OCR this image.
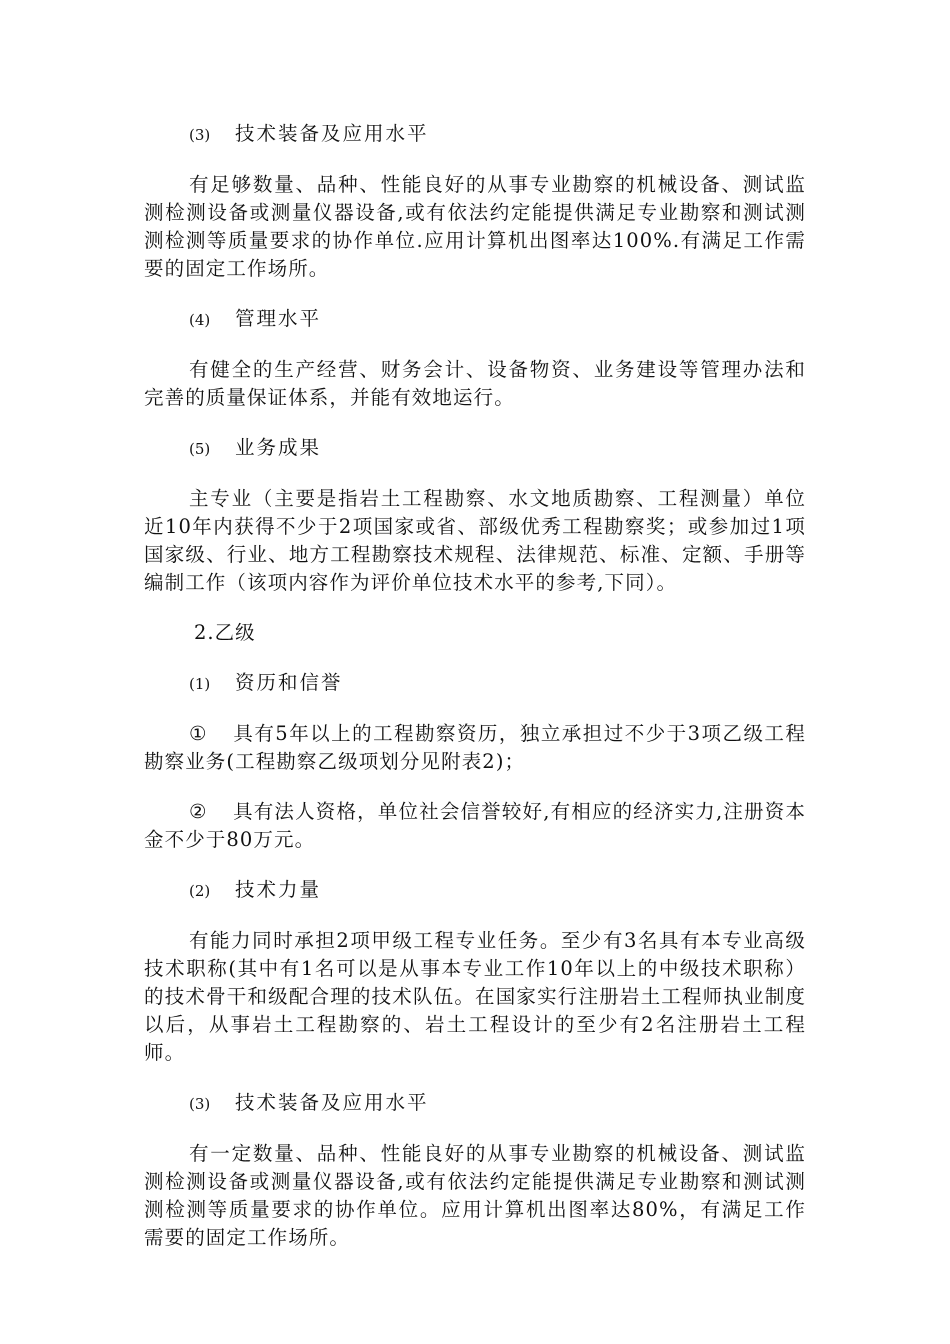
(3) 技术装备及应用水平

有足够数量、品种、性能良好的从事专业勘察的机械设备、测试监测检测设备或测量仪器设备,或有依法约定能提供满足专业勘察和测试测测检测等质量要求的协作单位.应用计算机出图率达100%.有满足工作需要的固定工作场所。

(4) 管理水平

有健全的生产经营、财务会计、设备物资、业务建设等管理办法和完善的质量保证体系，并能有效地运行。

(5) 业务成果

主专业（主要是指岩土工程勘察、水文地质勘察、工程测量）单位近10年内获得不少于2项国家或省、部级优秀工程勘察奖；或参加过1项国家级、行业、地方工程勘察技术规程、法律规范、标准、定额、手册等编制工作（该项内容作为评价单位技术水平的参考,下同）。

2.乙级
(1) 资历和信誉

① 具有5年以上的工程勘察资历，独立承担过不少于3项乙级工程勘察业务(工程勘察乙级项划分见附表2)；

② 具有法人资格，单位社会信誉较好,有相应的经济实力,注册资本金不少于80万元。

(2) 技术力量

有能力同时承担2项甲级工程专业任务。至少有3名具有本专业高级技术职称(其中有1名可以是从事本专业工作10年以上的中级技术职称）的技术骨干和级配合理的技术队伍。在国家实行注册岩土工程师执业制度以后，从事岩土工程勘察的、岩土工程设计的至少有2名注册岩土工程师。

(3) 技术装备及应用水平

有一定数量、品种、性能良好的从事专业勘察的机械设备、测试监测检测设备或测量仪器设备,或有依法约定能提供满足专业勘察和测试测测检测等质量要求的协作单位。应用计算机出图率达80%，有满足工作需要的固定工作场所。
